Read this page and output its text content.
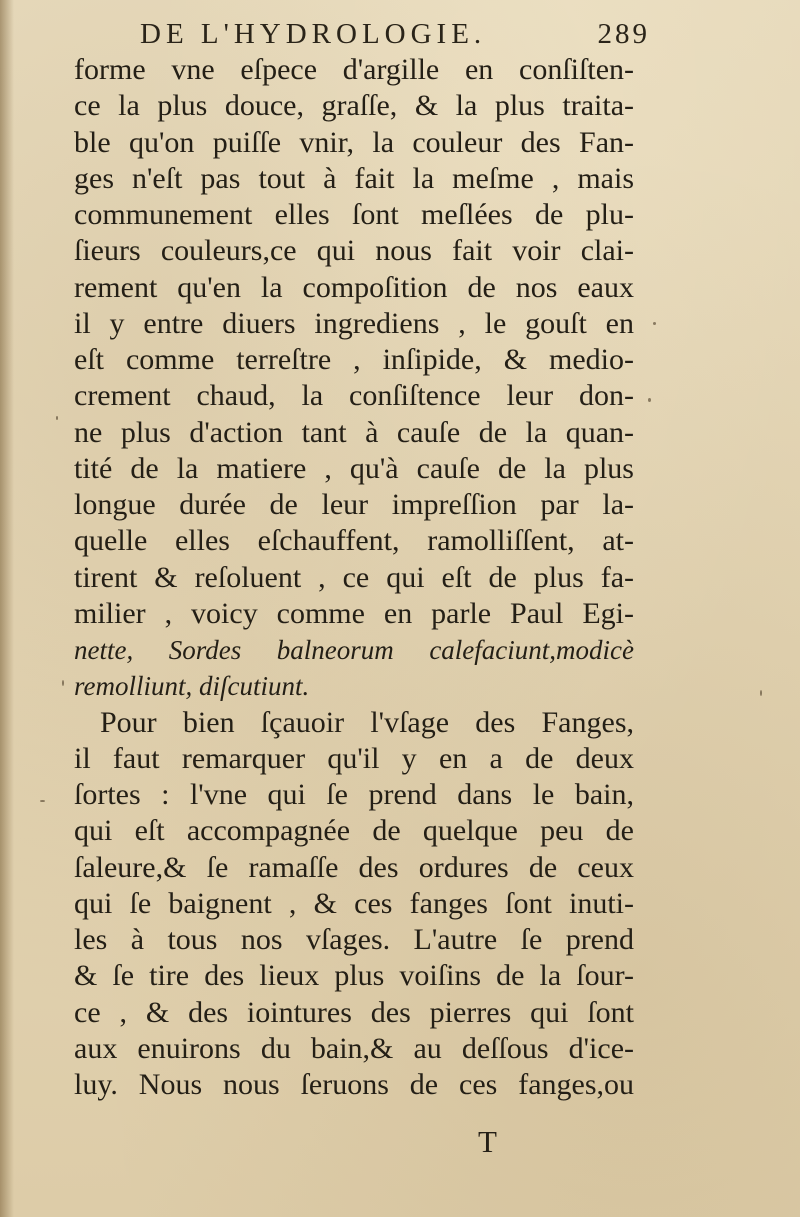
DE L'HYDROLOGIE.	289
forme vne eſpece d'argille en conſiſten-
ce la plus douce, graſſe, & la plus traita-
ble qu'on puiſſe vnir, la couleur des Fan-
ges n'eſt pas tout à fait la meſme , mais
communement elles ſont meſlées de plu-
ſieurs couleurs,ce qui nous fait voir clai-
rement qu'en la compoſition de nos eaux
il y entre diuers ingrediens , le gouſt en
eſt comme terreſtre , inſipide, & medio-
crement chaud, la conſiſtence leur don-
ne plus d'action tant à cauſe de la quan-
tité de la matiere , qu'à cauſe de la plus
longue durée de leur impreſſion par la-
quelle elles eſchauffent, ramolliſſent, at-
tirent & reſoluent , ce qui eſt de plus fa-
milier , voicy comme en parle Paul Egi-
nette, Sordes balneorum calefaciunt,modicè
remolliunt, diſcutiunt.
Pour bien ſçauoir l'vſage des Fanges,
il faut remarquer qu'il y en a de deux
ſortes : l'vne qui ſe prend dans le bain,
qui eſt accompagnée de quelque peu de
ſaleure,& ſe ramaſſe des ordures de ceux
qui ſe baignent , & ces fanges ſont inuti-
les à tous nos vſages. L'autre ſe prend
& ſe tire des lieux plus voiſins de la ſour-
ce , & des iointures des pierres qui ſont
aux enuirons du bain,& au deſſous d'ice-
luy. Nous nous ſeruons de ces fanges,ou
T
